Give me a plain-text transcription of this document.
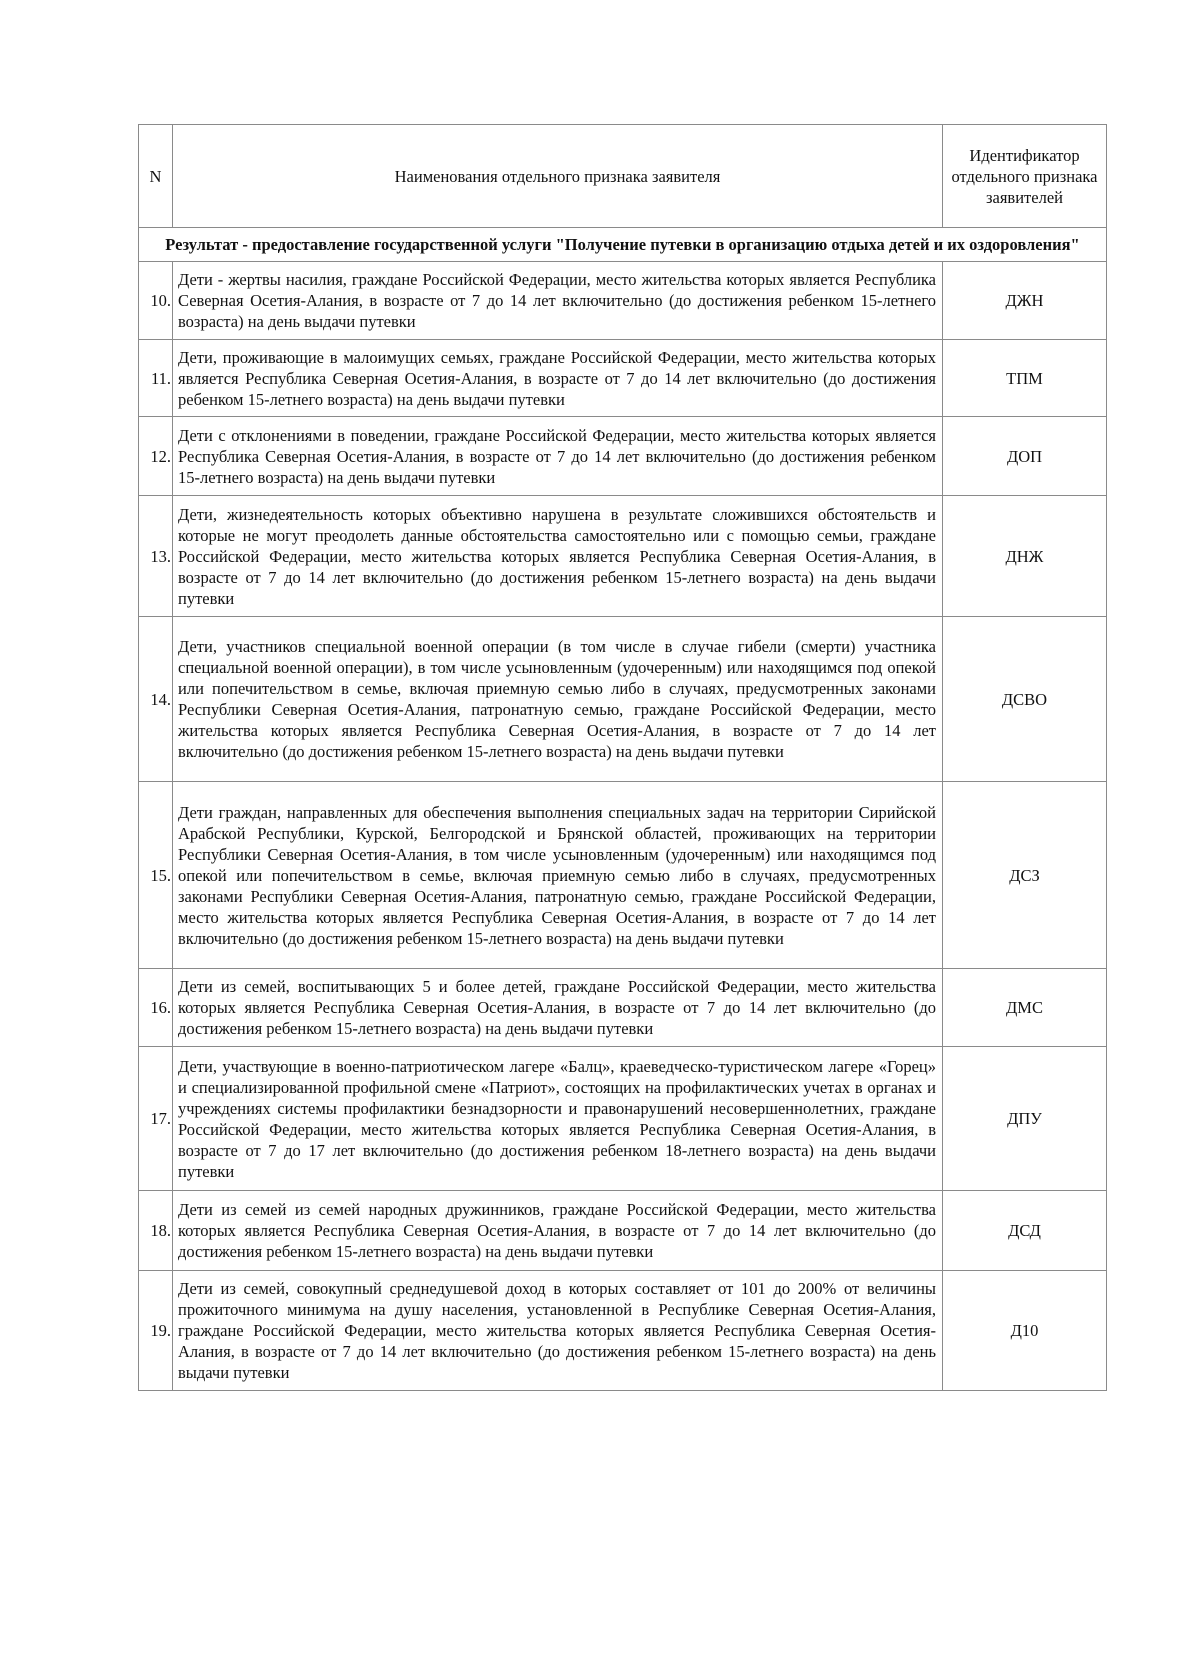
N	Наименования отдельного признака заявителя	Идентификатор отдельного признака заявителей
Результат - предоставление государственной услуги "Получение путевки в организацию отдыха детей и их оздоровления"		
10.	Дети - жертвы насилия, граждане Российской Федерации, место жительства которых является Республика Северная Осетия-Алания, в возрасте от 7 до 14 лет включительно (до достижения ребенком 15-летнего возраста) на день выдачи путевки	ДЖН
11.	Дети, проживающие в малоимущих семьях, граждане Российской Федерации, место жительства которых является Республика Северная Осетия-Алания, в возрасте от 7 до 14 лет включительно (до достижения ребенком 15-летнего возраста) на день выдачи путевки	ТПМ
12.	Дети с отклонениями в поведении, граждане Российской Федерации, место жительства которых является Республика Северная Осетия-Алания, в возрасте от 7 до 14 лет включительно (до достижения ребенком 15-летнего возраста) на день выдачи путевки	ДОП
13.	Дети, жизнедеятельность которых объективно нарушена в результате сложившихся обстоятельств и которые не могут преодолеть данные обстоятельства самостоятельно или с помощью семьи, граждане Российской Федерации, место жительства которых является Республика Северная Осетия-Алания, в возрасте от 7 до 14 лет включительно (до достижения ребенком 15-летнего возраста) на день выдачи путевки	ДНЖ
14.	Дети, участников специальной военной операции (в том числе в случае гибели (смерти) участника специальной военной операции), в том числе усыновленным (удочеренным) или находящимся под опекой или попечительством в семье, включая приемную семью либо в случаях, предусмотренных законами Республики Северная Осетия-Алания, патронатную семью, граждане Российской Федерации, место жительства которых является Республика Северная Осетия-Алания, в возрасте от 7 до 14 лет включительно (до достижения ребенком 15-летнего возраста) на день выдачи путевки	ДСВО
15.	Дети граждан, направленных для обеспечения выполнения специальных задач на территории Сирийской Арабской Республики, Курской, Белгородской и Брянской областей, проживающих на территории Республики Северная Осетия-Алания, в том числе усыновленным (удочеренным) или находящимся под опекой или попечительством в семье, включая приемную семью либо в случаях, предусмотренных законами Республики Северная Осетия-Алания, патронатную семью, граждане Российской Федерации, место жительства которых является Республика Северная Осетия-Алания, в возрасте от 7 до 14 лет включительно (до достижения ребенком 15-летнего возраста) на день выдачи путевки	ДСЗ
16.	Дети из семей, воспитывающих 5 и более детей, граждане Российской Федерации, место жительства которых является Республика Северная Осетия-Алания, в возрасте от 7 до 14 лет включительно (до достижения ребенком 15-летнего возраста) на день выдачи путевки	ДМС
17.	Дети, участвующие в военно-патриотическом лагере «Балц», краеведческо-туристическом лагере «Горец» и специализированной профильной смене «Патриот», состоящих на профилактических учетах в органах и учреждениях системы профилактики безнадзорности и правонарушений несовершеннолетних, граждане Российской Федерации, место жительства которых является Республика Северная Осетия-Алания, в возрасте от 7 до 17 лет включительно (до достижения ребенком 18-летнего возраста) на день выдачи путевки	ДПУ
18.	Дети из семей из семей народных дружинников, граждане Российской Федерации, место жительства которых является Республика Северная Осетия-Алания, в возрасте от 7 до 14 лет включительно (до достижения ребенком 15-летнего возраста) на день выдачи путевки	ДСД
19.	Дети из семей, совокупный среднедушевой доход в которых составляет от 101 до 200% от величины прожиточного минимума на душу населения, установленной в Республике Северная Осетия-Алания, граждане Российской Федерации, место жительства которых является Республика Северная Осетия-Алания, в возрасте от 7 до 14 лет включительно (до достижения ребенком 15-летнего возраста) на день выдачи путевки	Д10
